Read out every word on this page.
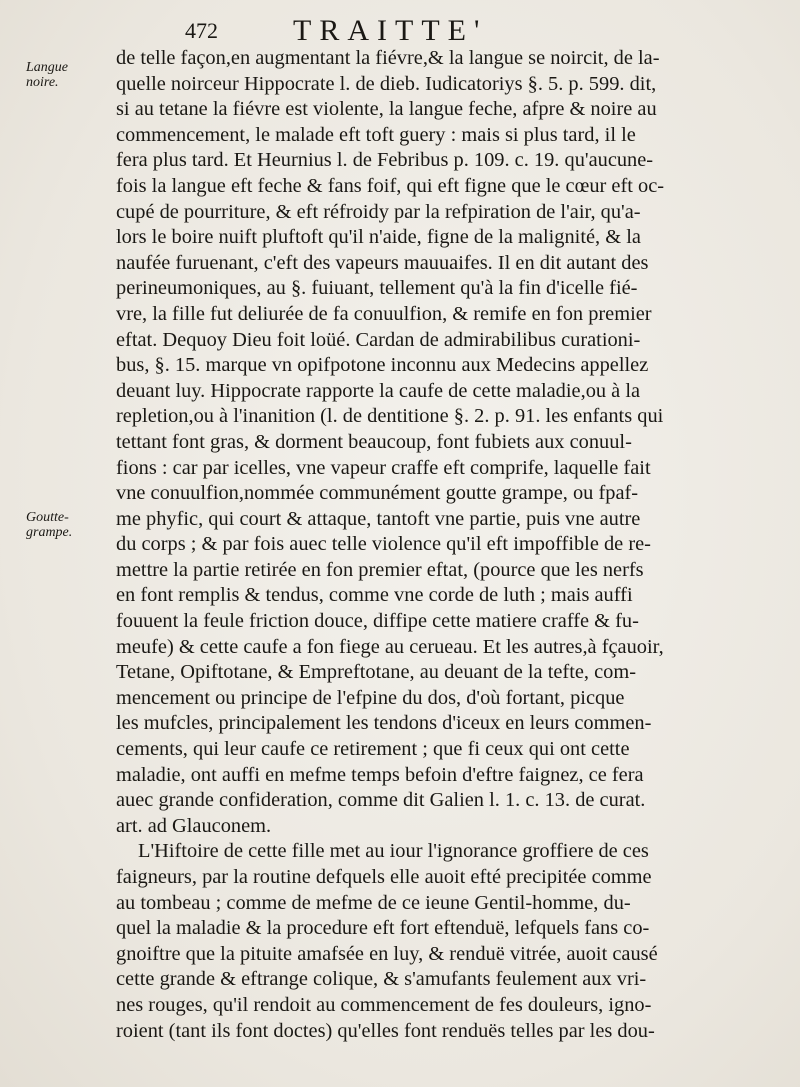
472	TRAITTE'
Langue
noire.
Goutte-
grampe.
de telle façon,en augmentant la fiévre,& la langue se noircit, de la-
quelle noirceur Hippocrate l. de dieb. Iudicatoriys §. 5. p. 599. dit,
si au tetane la fiévre est violente, la langue feche, afpre & noire au
commencement, le malade eft toft guery : mais si plus tard, il le
fera plus tard. Et Heurnius l. de Febribus p. 109. c. 19. qu'aucune-
fois la langue eft feche & fans foif, qui eft figne que le cœur eft oc-
cupé de pourriture, & eft réfroidy par la refpiration de l'air, qu'a-
lors le boire nuift pluftoft qu'il n'aide, figne de la malignité, & la
naufée furuenant, c'eft des vapeurs mauuaifes. Il en dit autant des
perineumoniques, au §. fuiuant, tellement qu'à la fin d'icelle fié-
vre, la fille fut deliurée de fa conuulfion, & remife en fon premier
eftat. Dequoy Dieu foit loüé. Cardan de admirabilibus curationi-
bus, §. 15. marque vn opifpotone inconnu aux Medecins appellez
deuant luy. Hippocrate rapporte la caufe de cette maladie,ou à la
repletion,ou à l'inanition (l. de dentitione §. 2. p. 91. les enfants qui
tettant font gras, & dorment beaucoup, font fubiets aux conuul-
fions : car par icelles, vne vapeur craffe eft comprife, laquelle fait
vne conuulfion,nommée communément goutte grampe, ou fpaf-
me phyfic, qui court & attaque, tantoft vne partie, puis vne autre
du corps ; & par fois auec telle violence qu'il eft impoffible de re-
mettre la partie retirée en fon premier eftat, (pource que les nerfs
en font remplis & tendus, comme vne corde de luth ; mais auffi
fouuent la feule friction douce, diffipe cette matiere craffe & fu-
meufe) & cette caufe a fon fiege au cerueau. Et les autres,à fçauoir,
Tetane, Opiftotane, & Empreftotane, au deuant de la tefte, com-
mencement ou principe de l'efpine du dos, d'où fortant, picque
les mufcles, principalement les tendons d'iceux en leurs commen-
cements, qui leur caufe ce retirement ; que fi ceux qui ont cette
maladie, ont auffi en mefme temps befoin d'eftre faignez, ce fera
auec grande confideration, comme dit Galien l. 1. c. 13. de curat.
art. ad Glauconem.
L'Hiftoire de cette fille met au iour l'ignorance groffiere de ces
faigneurs, par la routine defquels elle auoit efté precipitée comme
au tombeau ; comme de mefme de ce ieune Gentil-homme, du-
quel la maladie & la procedure eft fort eftenduë, lefquels fans co-
gnoiftre que la pituite amafsée en luy, & renduë vitrée, auoit causé
cette grande & eftrange colique, & s'amufants feulement aux vri-
nes rouges, qu'il rendoit au commencement de fes douleurs, igno-
roient (tant ils font doctes) qu'elles font renduës telles par les dou-
